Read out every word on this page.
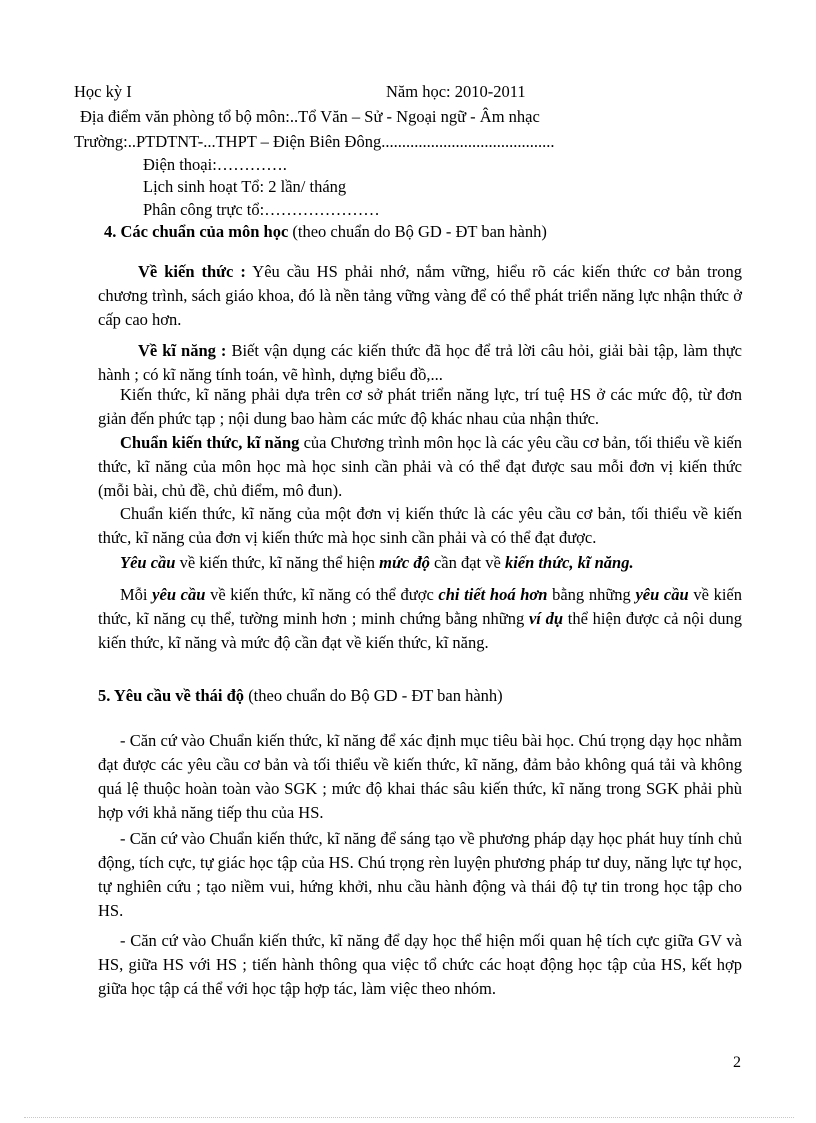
Học kỳ I	Năm học: 2010-2011
Địa điểm văn phòng tổ bộ môn:..Tổ Văn – Sử - Ngoại ngữ - Âm nhạc
Trường:..PTDTNT-...THPT – Điện Biên Đông..........................................
Điện thoại:………….
Lịch sinh hoạt Tổ: 2 lần/ tháng
Phân công trực tổ:…………………
4. Các chuẩn của môn học (theo chuẩn do Bộ GD - ĐT ban hành)
Về kiến thức : Yêu cầu HS phải nhớ, nắm vững, hiểu rõ các kiến thức cơ bản trong chương trình, sách giáo khoa, đó là nền tảng vững vàng để có thể phát triển năng lực nhận thức ở cấp cao hơn.
Về kĩ năng : Biết vận dụng các kiến thức đã học để trả lời câu hỏi, giải bài tập, làm thực hành ; có kĩ năng tính toán, vẽ hình, dựng biểu đồ,...
Kiến thức, kĩ năng phải dựa trên cơ sở phát triển năng lực, trí tuệ HS ở các mức độ, từ đơn giản đến phức tạp ; nội dung bao hàm các mức độ khác nhau của nhận thức.
Chuẩn kiến thức, kĩ năng của Chương trình môn học là các yêu cầu cơ bản, tối thiểu về kiến thức, kĩ năng của môn học mà học sinh cần phải và có thể đạt được sau mỗi đơn vị kiến thức (mỗi bài, chủ đề, chủ điểm, mô đun).
Chuẩn kiến thức, kĩ năng của một đơn vị kiến thức là các yêu cầu cơ bản, tối thiểu về kiến thức, kĩ năng của đơn vị kiến thức mà học sinh cần phải và có thể đạt được.
Yêu cầu về kiến thức, kĩ năng thể hiện mức độ cần đạt về kiến thức, kĩ năng.
Mỗi yêu cầu về kiến thức, kĩ năng có thể được chi tiết hoá hơn bằng những yêu cầu về kiến thức, kĩ năng cụ thể, tường minh hơn ; minh chứng bằng những ví dụ thể hiện được cả nội dung kiến thức, kĩ năng và mức độ cần đạt về kiến thức, kĩ năng.
5. Yêu cầu về thái độ (theo chuẩn do Bộ GD - ĐT ban hành)
- Căn cứ vào Chuẩn kiến thức, kĩ năng để xác định mục tiêu bài học. Chú trọng dạy học nhằm đạt được các yêu cầu cơ bản và tối thiểu về kiến thức, kĩ năng, đảm bảo không quá tải và không quá lệ thuộc hoàn toàn vào SGK ; mức độ khai thác sâu kiến thức, kĩ năng trong SGK phải phù hợp với khả năng tiếp thu của HS.
- Căn cứ vào Chuẩn kiến thức, kĩ năng để sáng tạo về phương pháp dạy học phát huy tính chủ động, tích cực, tự giác học tập của HS. Chú trọng rèn luyện phương pháp tư duy, năng lực tự học, tự nghiên cứu ; tạo niềm vui, hứng khởi, nhu cầu hành động và thái độ tự tin trong học tập cho HS.
- Căn cứ vào Chuẩn kiến thức, kĩ năng để dạy học thể hiện mối quan hệ tích cực giữa GV và HS, giữa HS với HS ; tiến hành thông qua việc tổ chức các hoạt động học tập của HS, kết hợp giữa học tập cá thể với học tập hợp tác, làm việc theo nhóm.
2
